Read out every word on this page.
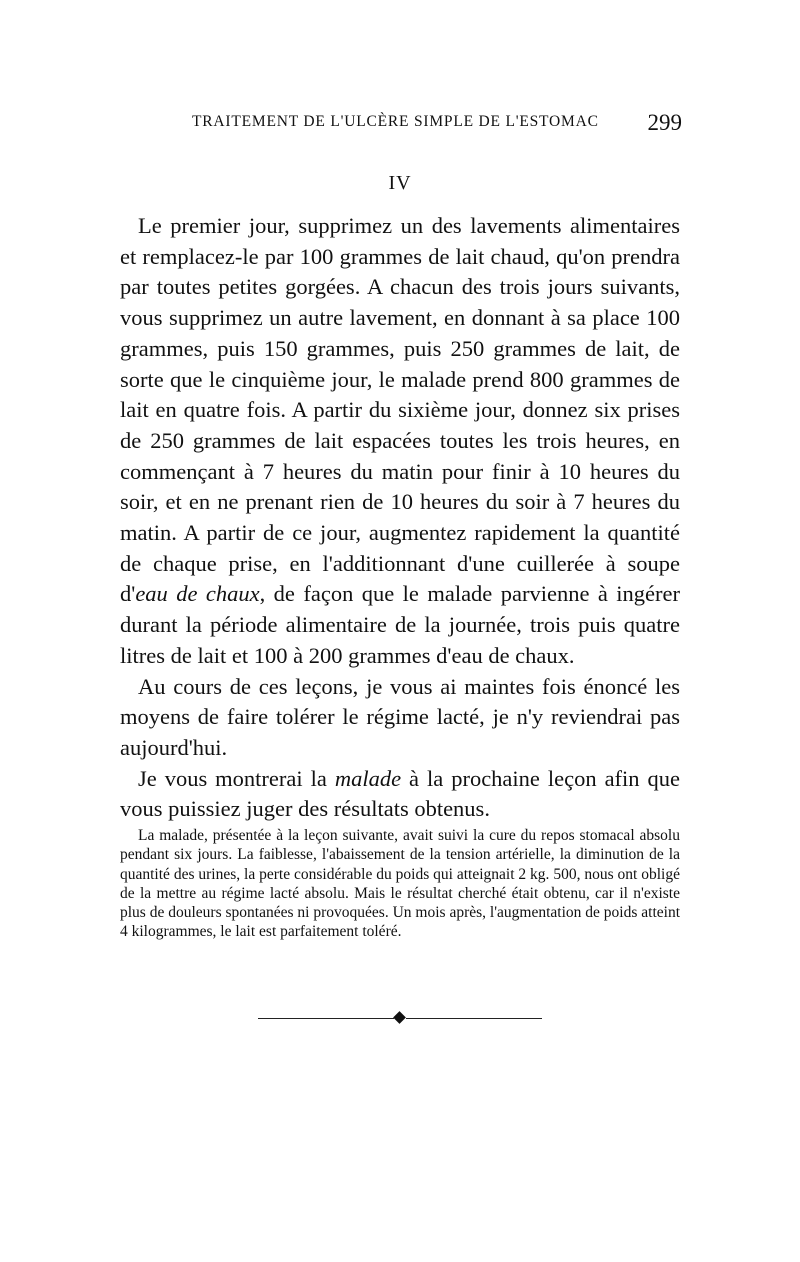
TRAITEMENT DE L'ULCÈRE SIMPLE DE L'ESTOMAC 299
IV

Le premier jour, supprimez un des lavements alimentaires et remplacez-le par 100 grammes de lait chaud, qu'on prendra par toutes petites gorgées. A chacun des trois jours suivants, vous supprimez un autre lavement, en donnant à sa place 100 grammes, puis 150 grammes, puis 250 grammes de lait, de sorte que le cinquième jour, le malade prend 800 grammes de lait en quatre fois. A partir du sixième jour, donnez six prises de 250 grammes de lait espacées toutes les trois heures, en commençant à 7 heures du matin pour finir à 10 heures du soir, et en ne prenant rien de 10 heures du soir à 7 heures du matin. A partir de ce jour, augmentez rapidement la quantité de chaque prise, en l'additionnant d'une cuillerée à soupe d'eau de chaux, de façon que le malade parvienne à ingérer durant la période alimentaire de la journée, trois puis quatre litres de lait et 100 à 200 grammes d'eau de chaux.

Au cours de ces leçons, je vous ai maintes fois énoncé les moyens de faire tolérer le régime lacté, je n'y reviendrai pas aujourd'hui.

Je vous montrerai la malade à la prochaine leçon afin que vous puissiez juger des résultats obtenus.

La malade, présentée à la leçon suivante, avait suivi la cure du repos stomacal absolu pendant six jours. La faiblesse, l'abaissement de la tension artérielle, la diminution de la quantité des urines, la perte considérable du poids qui atteignait 2 kg. 500, nous ont obligé de la mettre au régime lacté absolu. Mais le résultat cherché était obtenu, car il n'existe plus de douleurs spontanées ni provoquées. Un mois après, l'augmentation de poids atteint 4 kilogrammes, le lait est parfaitement toléré.
